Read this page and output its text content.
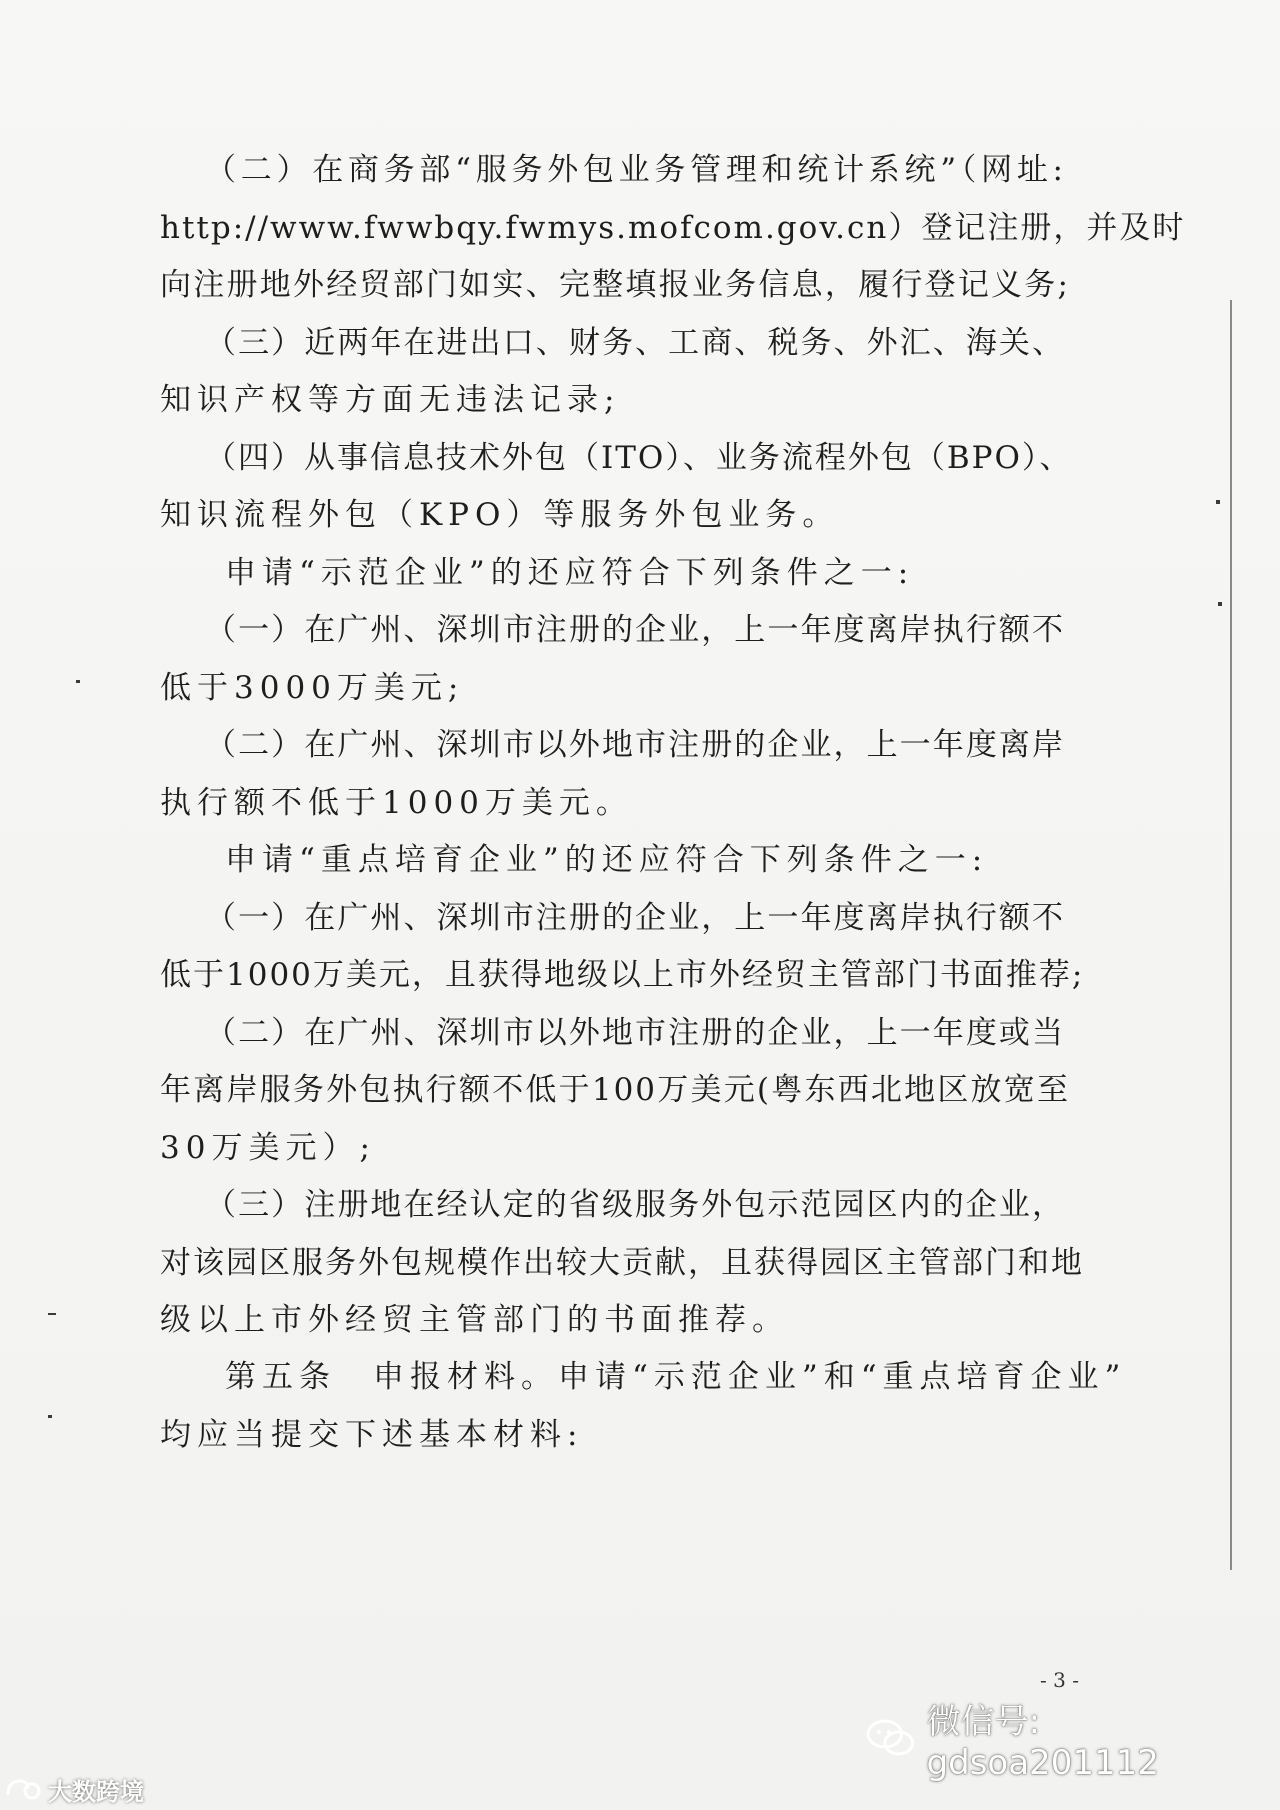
（二）在商务部“服务外包业务管理和统计系统”（网址:
http://www.fwwbqy.fwmys.mofcom.gov.cn）登记注册，并及时
向注册地外经贸部门如实、完整填报业务信息，履行登记义务;
（三）近两年在进出口、财务、工商、税务、外汇、海关、
知识产权等方面无违法记录;
（四）从事信息技术外包（ITO）、业务流程外包（BPO）、
知识流程外包（KPO）等服务外包业务。
申请“示范企业”的还应符合下列条件之一:
（一）在广州、深圳市注册的企业，上一年度离岸执行额不
低于3000万美元;
（二）在广州、深圳市以外地市注册的企业，上一年度离岸
执行额不低于1000万美元。
申请“重点培育企业”的还应符合下列条件之一:
（一）在广州、深圳市注册的企业，上一年度离岸执行额不
低于1000万美元，且获得地级以上市外经贸主管部门书面推荐;
（二）在广州、深圳市以外地市注册的企业，上一年度或当
年离岸服务外包执行额不低于100万美元(粤东西北地区放宽至
30万美元）;
（三）注册地在经认定的省级服务外包示范园区内的企业，
对该园区服务外包规模作出较大贡献，且获得园区主管部门和地
级以上市外经贸主管部门的书面推荐。
第五条　申报材料。申请“示范企业”和“重点培育企业”
均应当提交下述基本材料:
- 3 -
微信号: gdsoa201112
大数跨境
